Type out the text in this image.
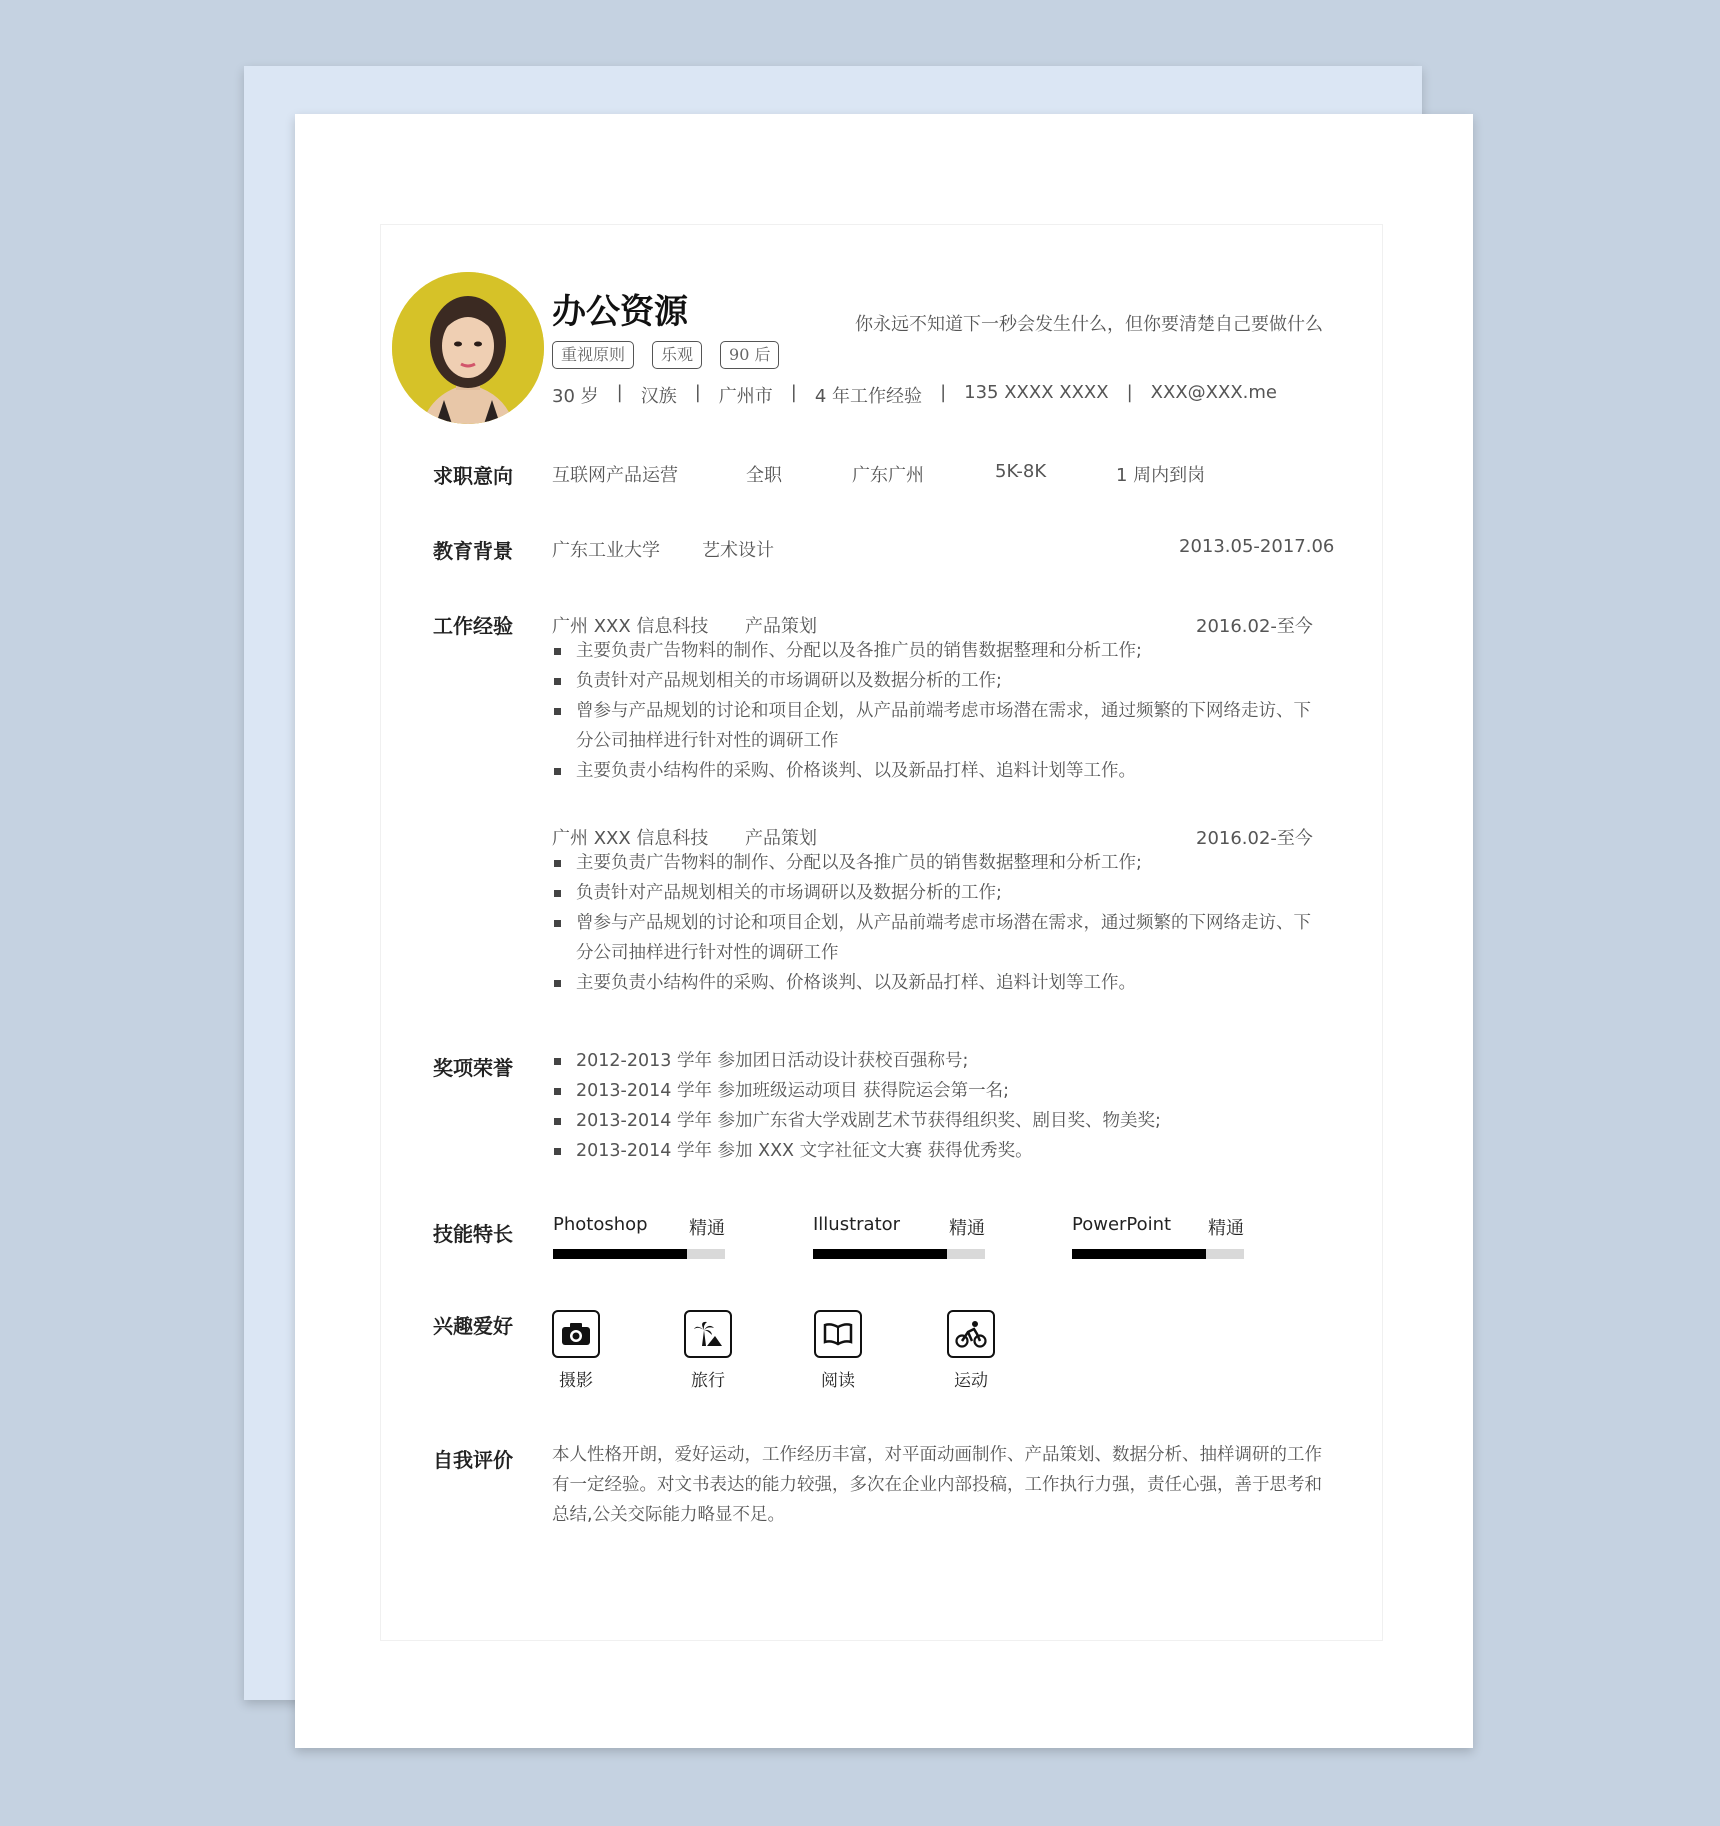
办公资源	你永远不知道下一秒会发生什么，但你要清楚自己要做什么
重视原则	乐观	90 后
30 岁	|	汉族	|	广州市	|	4 年工作经验	|	135 XXXX XXXX	|	XXX@XXX.me
求职意向 互联网产品运营	全职	广东广州	5K-8K	1 周内到岗
教育背景 广东工业大学 艺术设计	2013.05-2017.06
工作经验 广州 XXX 信息科技 产品策划	2016.02-至今
主要负责广告物料的制作、分配以及各推广员的销售数据整理和分析工作;
负责针对产品规划相关的市场调研以及数据分析的工作;
曾参与产品规划的讨论和项目企划，从产品前端考虑市场潜在需求，通过频繁的下网络走访、下分公司抽样进行针对性的调研工作
主要负责小结构件的采购、价格谈判、以及新品打样、追料计划等工作。
广州 XXX 信息科技 产品策划	2016.02-至今
主要负责广告物料的制作、分配以及各推广员的销售数据整理和分析工作;
负责针对产品规划相关的市场调研以及数据分析的工作;
曾参与产品规划的讨论和项目企划，从产品前端考虑市场潜在需求，通过频繁的下网络走访、下分公司抽样进行针对性的调研工作
主要负责小结构件的采购、价格谈判、以及新品打样、追料计划等工作。
奖项荣誉	2012-2013 学年 参加团日活动设计获校百强称号;
2013-2014 学年 参加班级运动项目 获得院运会第一名;
2013-2014 学年 参加广东省大学戏剧艺术节获得组织奖、剧目奖、物美奖;
2013-2014 学年 参加 XXX 文字社征文大赛 获得优秀奖。
技能特长 Photoshop 精通	Illustrator	精通	PowerPoint 精通
兴趣爱好
摄影	旅行	阅读	运动
自我评价 本人性格开朗，爱好运动，工作经历丰富，对平面动画制作、产品策划、数据分析、抽样调研的工作有一定经验。对文书表达的能力较强，多次在企业内部投稿，工作执行力强，责任心强，善于思考和总结,公关交际能力略显不足。
